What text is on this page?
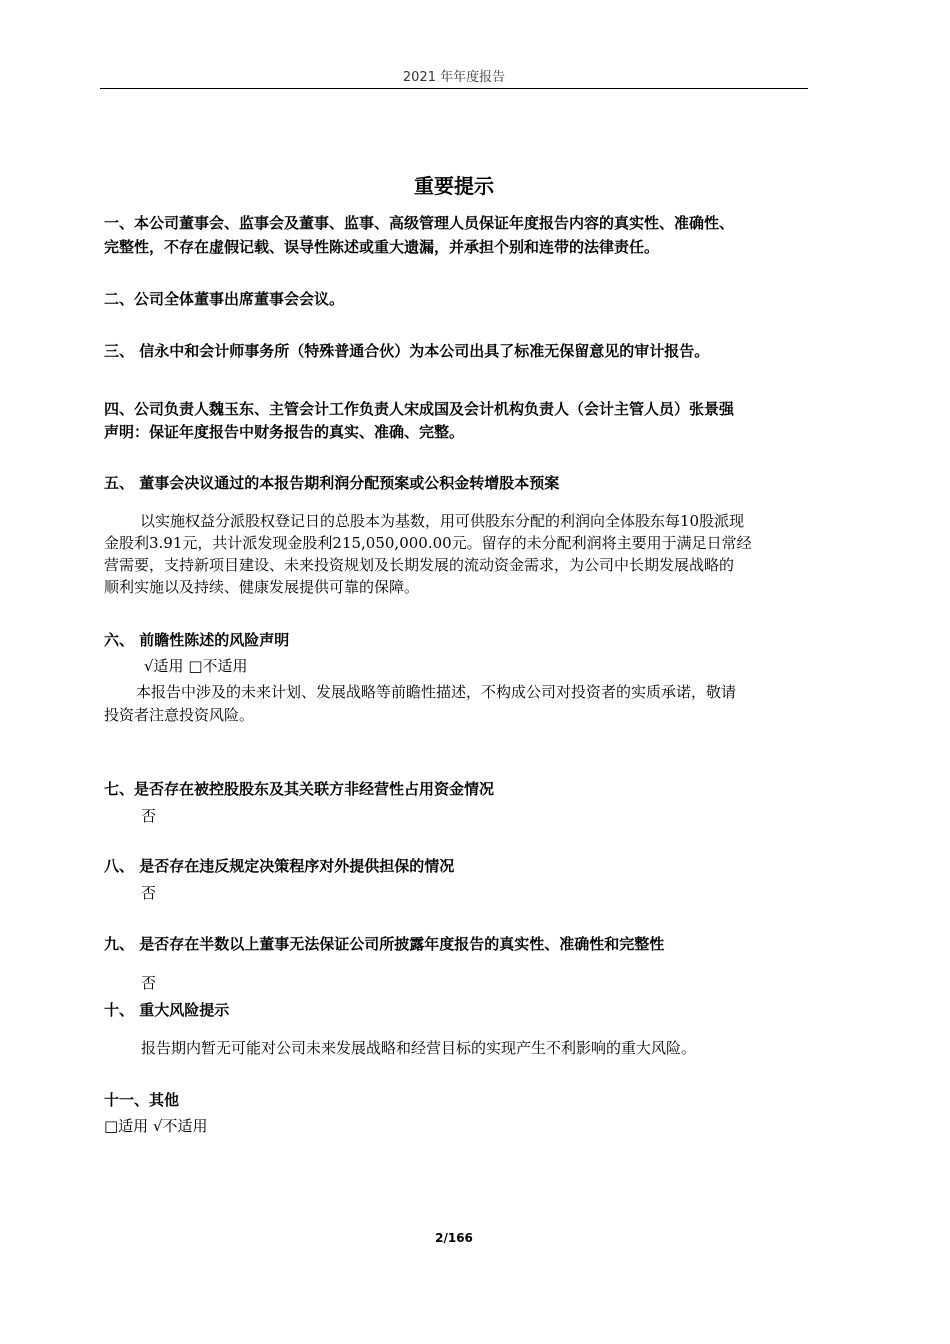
2021 年年度报告
重要提示
一、本公司董事会、监事会及董事、监事、高级管理人员保证年度报告内容的真实性、准确性、
完整性，不存在虚假记载、误导性陈述或重大遗漏，并承担个别和连带的法律责任。
二、公司全体董事出席董事会会议。
三、 信永中和会计师事务所（特殊普通合伙）为本公司出具了标准无保留意见的审计报告。
四、公司负责人魏玉东、主管会计工作负责人宋成国及会计机构负责人（会计主管人员）张景强
声明：保证年度报告中财务报告的真实、准确、完整。
五、 董事会决议通过的本报告期利润分配预案或公积金转增股本预案
以实施权益分派股权登记日的总股本为基数，用可供股东分配的利润向全体股东每10股派现
金股利3.91元，共计派发现金股利215,050,000.00元。留存的未分配利润将主要用于满足日常经
营需要，支持新项目建设、未来投资规划及长期发展的流动资金需求，为公司中长期发展战略的
顺利实施以及持续、健康发展提供可靠的保障。
六、 前瞻性陈述的风险声明
√适用 □不适用
本报告中涉及的未来计划、发展战略等前瞻性描述，不构成公司对投资者的实质承诺，敬请
投资者注意投资风险。
七、是否存在被控股股东及其关联方非经营性占用资金情况
否
八、 是否存在违反规定决策程序对外提供担保的情况
否
九、 是否存在半数以上董事无法保证公司所披露年度报告的真实性、准确性和完整性
否
十、 重大风险提示
报告期内暂无可能对公司未来发展战略和经营目标的实现产生不利影响的重大风险。
十一、其他
□适用 √不适用
2/166
